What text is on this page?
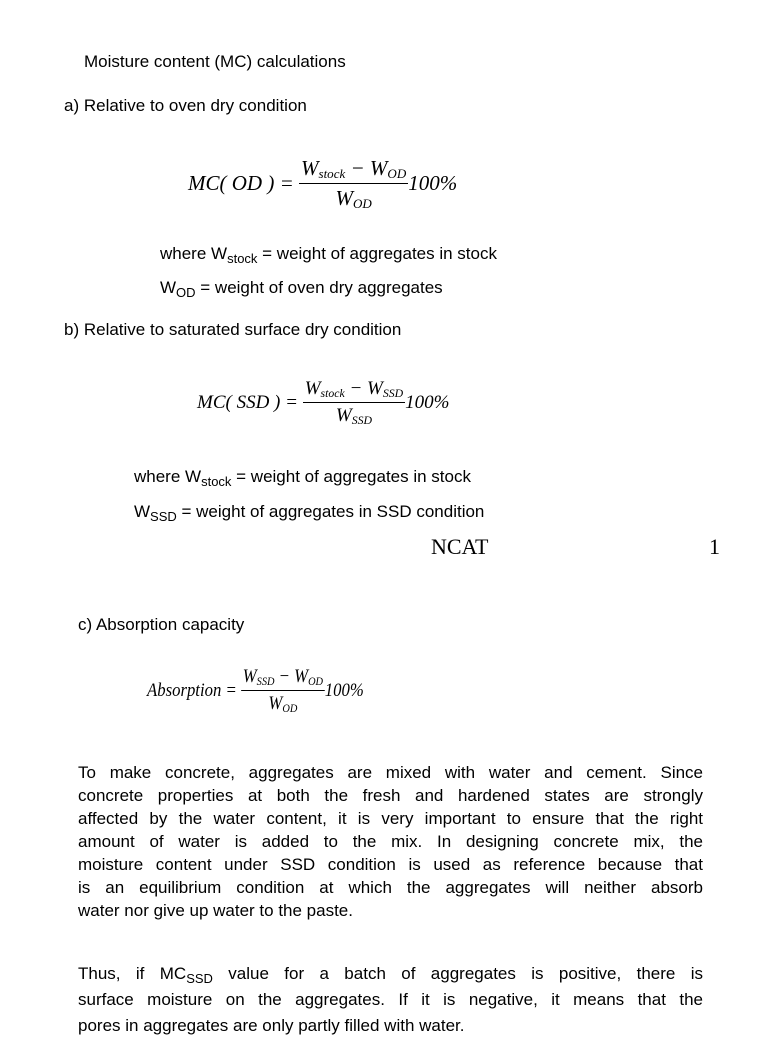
Moisture content (MC) calculations
a) Relative to oven dry condition
MC( OD ) = $\frac{\text{Wstock − WOD}}{\text{WOD}} 100\%$
where $W_{stock}$ = weight of aggregates in stock
$W_{OD}$ = weight of oven dry aggregates
b) Relative to saturated surface dry condition
MC( SSD ) = $\frac{\text{Wstock − WSSD}}{\text{WSSD}} 100\%$
where $W_{stock}$ = weight of aggregates in stock
$W_{SSD}$ = weight of aggregates in SSD condition
NCAT	1
c) Absorption capacity
Absorption = $\frac{\text{WSSD − WOD}}{\text{WOD}} 100\%$
To make concrete, aggregates are mixed with water and cement. Since
concrete properties at both the fresh and hardened states are strongly
affected by the water content, it is very important to ensure that the right
amount of water is added to the mix. In designing concrete mix, the
moisture content under SSD condition is used as reference because that
is an equilibrium condition at which the aggregates will neither absorb
water nor give up water to the paste.
Thus, if $MC_{SSD}$ value for a batch of aggregates is positive, there is
surface moisture on the aggregates. If it is negative, it means that the
pores in aggregates are only partly filled with water.
